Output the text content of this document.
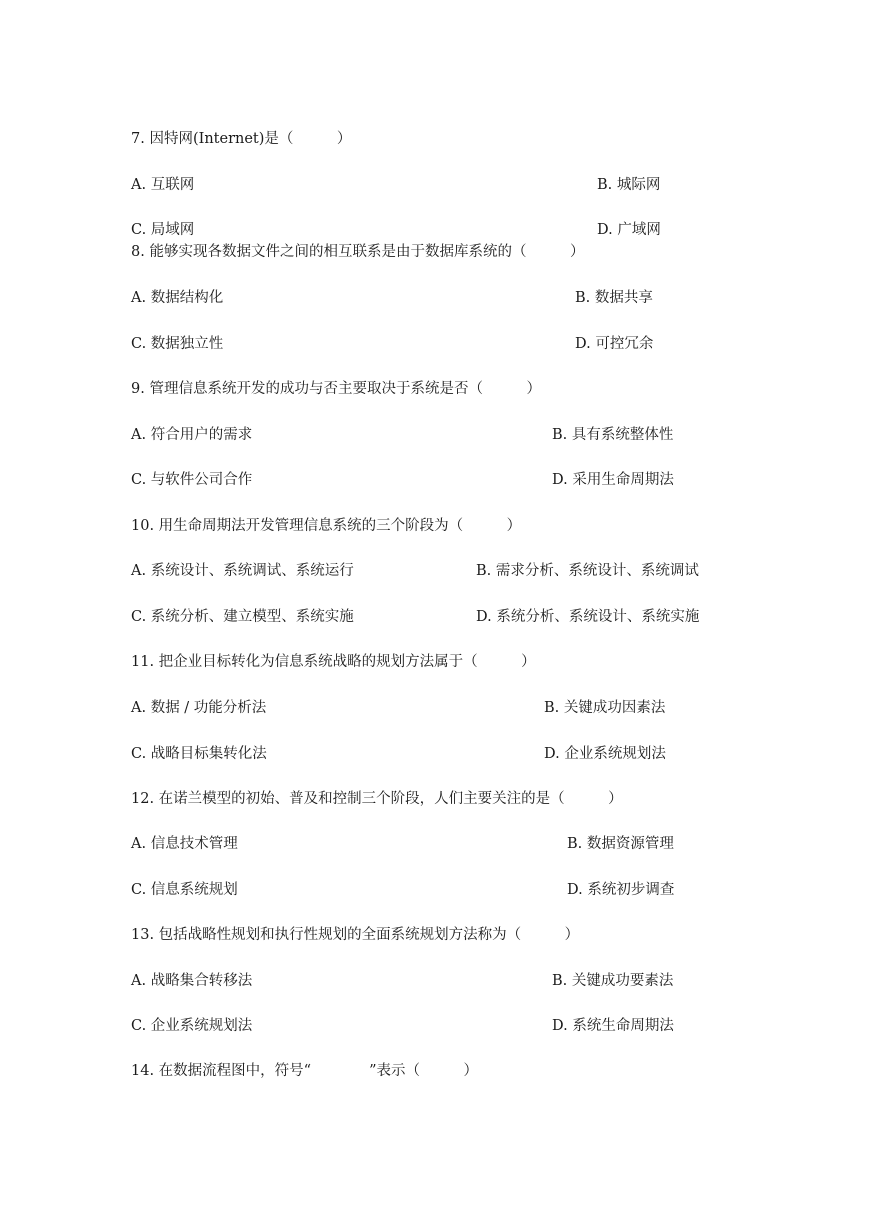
7. 因特网(Internet)是（　　　）
A. 互联网	B. 城际网
C. 局域网	D. 广域网
8. 能够实现各数据文件之间的相互联系是由于数据库系统的（　　　）
A. 数据结构化	B. 数据共享
C. 数据独立性	D. 可控冗余
9. 管理信息系统开发的成功与否主要取决于系统是否（　　　）
A. 符合用户的需求	B. 具有系统整体性
C. 与软件公司合作	D. 采用生命周期法
10. 用生命周期法开发管理信息系统的三个阶段为（　　　）
A. 系统设计、系统调试、系统运行	B. 需求分析、系统设计、系统调试
C. 系统分析、建立模型、系统实施	D. 系统分析、系统设计、系统实施
11. 把企业目标转化为信息系统战略的规划方法属于（　　　）
A. 数据 / 功能分析法	B. 关键成功因素法
C. 战略目标集转化法	D. 企业系统规划法
12. 在诺兰模型的初始、普及和控制三个阶段，人们主要关注的是（　　　）
A. 信息技术管理	B. 数据资源管理
C. 信息系统规划	D. 系统初步调查
13. 包括战略性规划和执行性规划的全面系统规划方法称为（　　　）
A. 战略集合转移法	B. 关键成功要素法
C. 企业系统规划法	D. 系统生命周期法
14. 在数据流程图中，符号“　　　　”表示（　　　）
